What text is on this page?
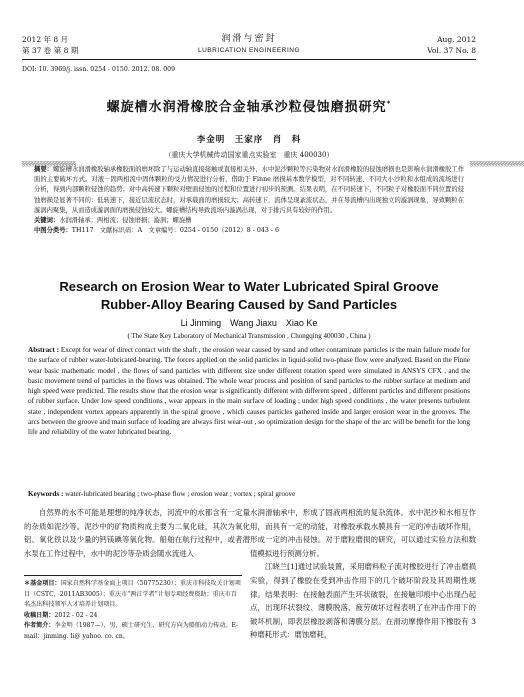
2012 年 8 月
第 37 卷 第 8 期
润滑与密封
LUBRICATION ENGINEERING
Aug. 2012
Vol. 37 No. 8
DOI: 10. 3969/j. issn. 0254 - 0150. 2012. 08. 009
螺旋槽水润滑橡胶合金轴承沙粒侵蚀磨损研究*
李金明　王家序　肖　科
（重庆大学机械传动国家重点实验室　重庆 400030）
§§§§§§§§§§§§§§§§§§	§§§§§§§§§§§§§§§§§§
摘要：螺旋槽水润滑橡胶轴承橡胶面的磨坏除了与运动轴直接接触或直接相关外，水中泥沙颗粒等污染物对水润滑橡胶的侵蚀磨损也是影响水润滑橡胶工作面的主要破坏方式。对液－固两相流中固体颗粒的受力情况进行分析，借助于 Finne 磨损基本数学模型，对不同转速、不同大小沙粒和水组成的流场进行分析，得到内部颗粒侵蚀的趋势；对中高转速下颗粒对壁面侵蚀的过程和位置进行初步的预测。结果表明，在不同转速下，不同粒子对橡胶面不同位置的侵蚀磨损是显著不同的：低转速下，接近层流状态时，对承载面的磨损较大；高转速下，流体呈现紊流状态，并在导流槽内出现独立的漩涡现象，导致颗粒在漩涡内聚集，从而造成漩涡面的磨损侵蚀较大。螺旋槽结构导致流场内漩涡出现，对于排污具有较好的作用。
关键词：水润滑轴承；两相流；侵蚀磨损；漩涡；螺旋槽
中图分类号：TH117　文献标识码：A　文章编号：0254 - 0150（2012）8 - 043 - 6
Research on Erosion Wear to Water Lubricated Spiral Groove
Rubber-Alloy Bearing Caused by Sand Particles
Li Jinming　Wang Jiaxu　Xiao Ke
( The State Key Laboratory of Mechanical Transmission , Chongqing 400030 , China )
Abstract : Except for wear of direct contact with the shaft , the erosion wear caused by sand and other contaminate particles is the main failure mode for the surface of rubber water-lubricated-bearing. The forces applied on the solid particles in liquid-solid two-phase flow were analyzed. Based on the Finne wear basic mathematic model , the flows of sand particles with different size under different rotation speed were simulated in ANSYS CFX , and the basic movement trend of particles in the flows was obtained. The whole wear process and position of sand particles to the rubber surface at medium and high speed were predicted. The results show that the erosion wear is significantly different with different speed , different particles and different positions of rubber surface. Under low speed conditions , wear appears in the main surface of loading ; under high speed conditions , the water presents turbulent state , independent vortex appears apparently in the spiral groove , which causes particles gathered inside and larger erosion wear in the grooves. The arcs between the groove and main surface of loading are always first wear-out , so optimization design for the shape of the arc will be benefit for the long life and reliability of the water lubricated bearing.
Keywords : water-lubricated bearing ; two-phase flow ; erosion wear ; vortex ; spiral groove

自然界的水不可能是理想的纯净状态，河流中的水都含有一定量的杂质如泥沙等。泥沙中的矿物质构成主要为二氧化硅，其次为氧化铝、氧化铁以及少量的钙镁碘等氧化物。船舶在航行过程中，或者潜水泵在工作过程中，水中的泥沙等杂质会随水流进入

水润滑轴承中，形成了固液两相流的复杂流体。水中泥沙和水相互作用，而具有一定的动能，对橡胶承载水膜具有一定的冲击破坏作用，形成一定的冲击侵蚀。对于磨粒磨损的研究，可以通过实验方法和数值模拟进行预测分析。

江晓兰[1]通过试验装置，采用磨料粒子流对橡胶进行了冲击磨损实验，得到了橡胶在受到冲击作用下的几个破坏阶段及其周期性规律。结果表明：在接触表面产生环状破裂，在接触印痕中心出现凸起点，出现环状裂纹、薄膜脱落、疲劳破坏过程表明了在冲击作用下的破坏机制，即表层橡胶剥落和薄膜分层。在滑动摩擦作用下橡胶有 3 种磨耗形式：磨蚀磨耗，

＊基金项目：国家自然科学基金面上项目（50775230）；重庆市科技攻关计划项目（CSTC，2011AB3005）；重庆市“两江学者”计划专项经费资助；重庆市百名杰出科技领军人才培养计划项目。
收稿日期：2012 - 02 - 24
作者简介：李金明（1987—），男，硕士研究生，研究方向为船舶动力传动。E-mail：jinming. li@ yahoo. co. cn。
